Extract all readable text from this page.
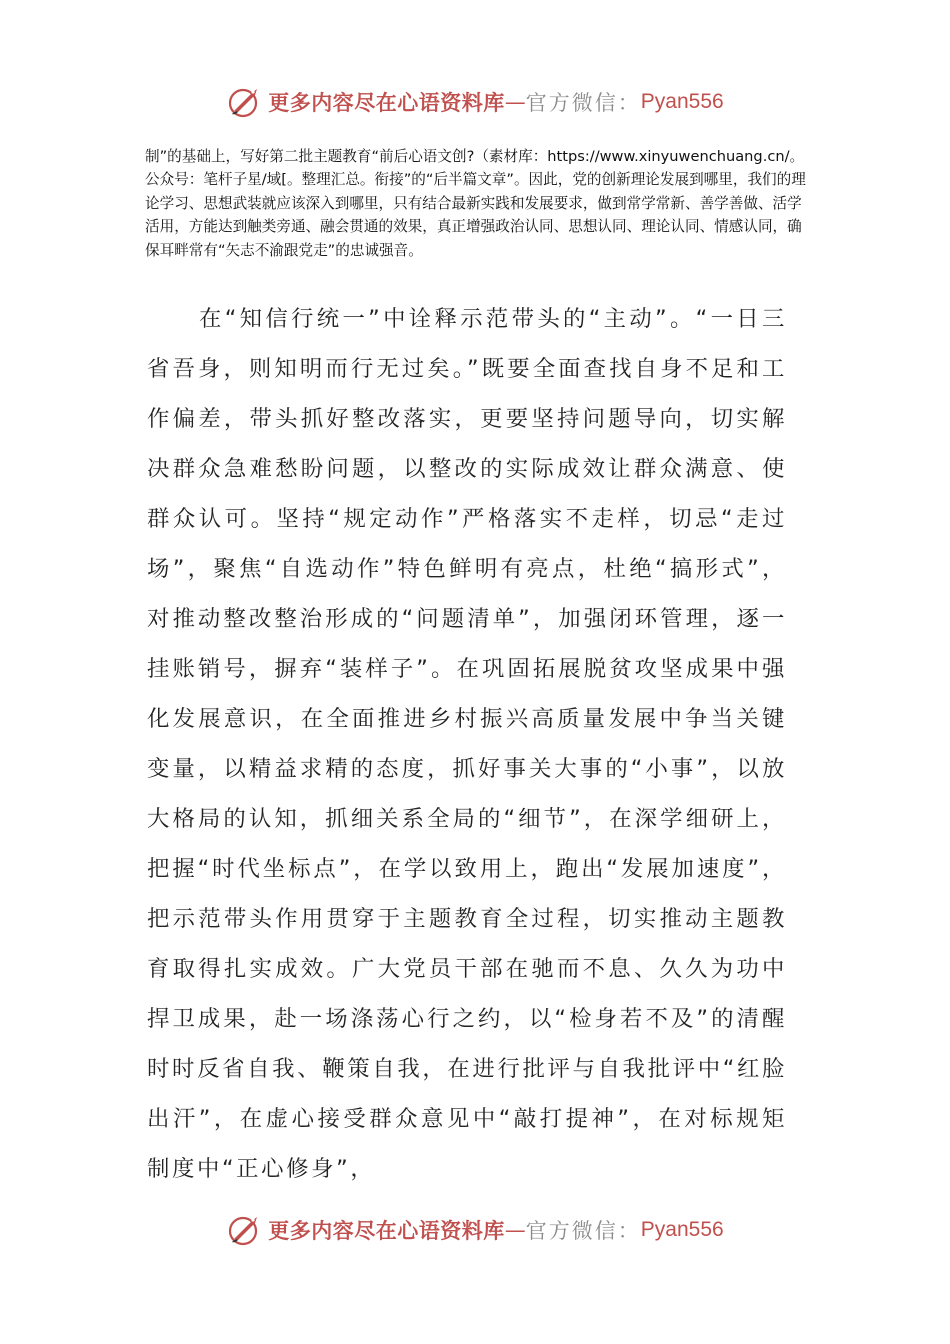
更多内容尽在心语资料库 — 官方微信： Pyan556
制”的基础上，写好第二批主题教育“前后心语文创?（素材库：https://www.xinyuwenchuang.cn/。公众号：笔杆子星/域[。整理汇总。衔接”的“后半篇文章”。因此，党的创新理论发展到哪里，我们的理论学习、思想武装就应该深入到哪里，只有结合最新实践和发展要求，做到常学常新、善学善做、活学活用，方能达到触类旁通、融会贯通的效果，真正增强政治认同、思想认同、理论认同、情感认同，确保耳畔常有“矢志不渝跟党走”的忠诚强音。

在“知信行统一”中诠释示范带头的“主动”。“一日三省吾身，则知明而行无过矣。”既要全面查找自身不足和工作偏差，带头抓好整改落实，更要坚持问题导向，切实解决群众急难愁盼问题，以整改的实际成效让群众满意、使群众认可。坚持“规定动作”严格落实不走样，切忌“走过场”，聚焦“自选动作”特色鲜明有亮点，杜绝“搞形式”，对推动整改整治形成的“问题清单”，加强闭环管理，逐一挂账销号，摒弃“装样子”。在巩固拓展脱贫攻坚成果中强化发展意识，在全面推进乡村振兴高质量发展中争当关键变量，以精益求精的态度，抓好事关大事的“小事”，以放大格局的认知，抓细关系全局的“细节”，在深学细研上，把握“时代坐标点”，在学以致用上，跑出“发展加速度”，把示范带头作用贯穿于主题教育全过程，切实推动主题教育取得扎实成效。广大党员干部在驰而不息、久久为功中捍卫成果，赴一场涤荡心行之约，以“检身若不及”的清醒时时反省自我、鞭策自我，在进行批评与自我批评中“红脸出汗”，在虚心接受群众意见中“敲打提神”，在对标规矩制度中“正心修身”，

更多内容尽在心语资料库 — 官方微信： Pyan556
